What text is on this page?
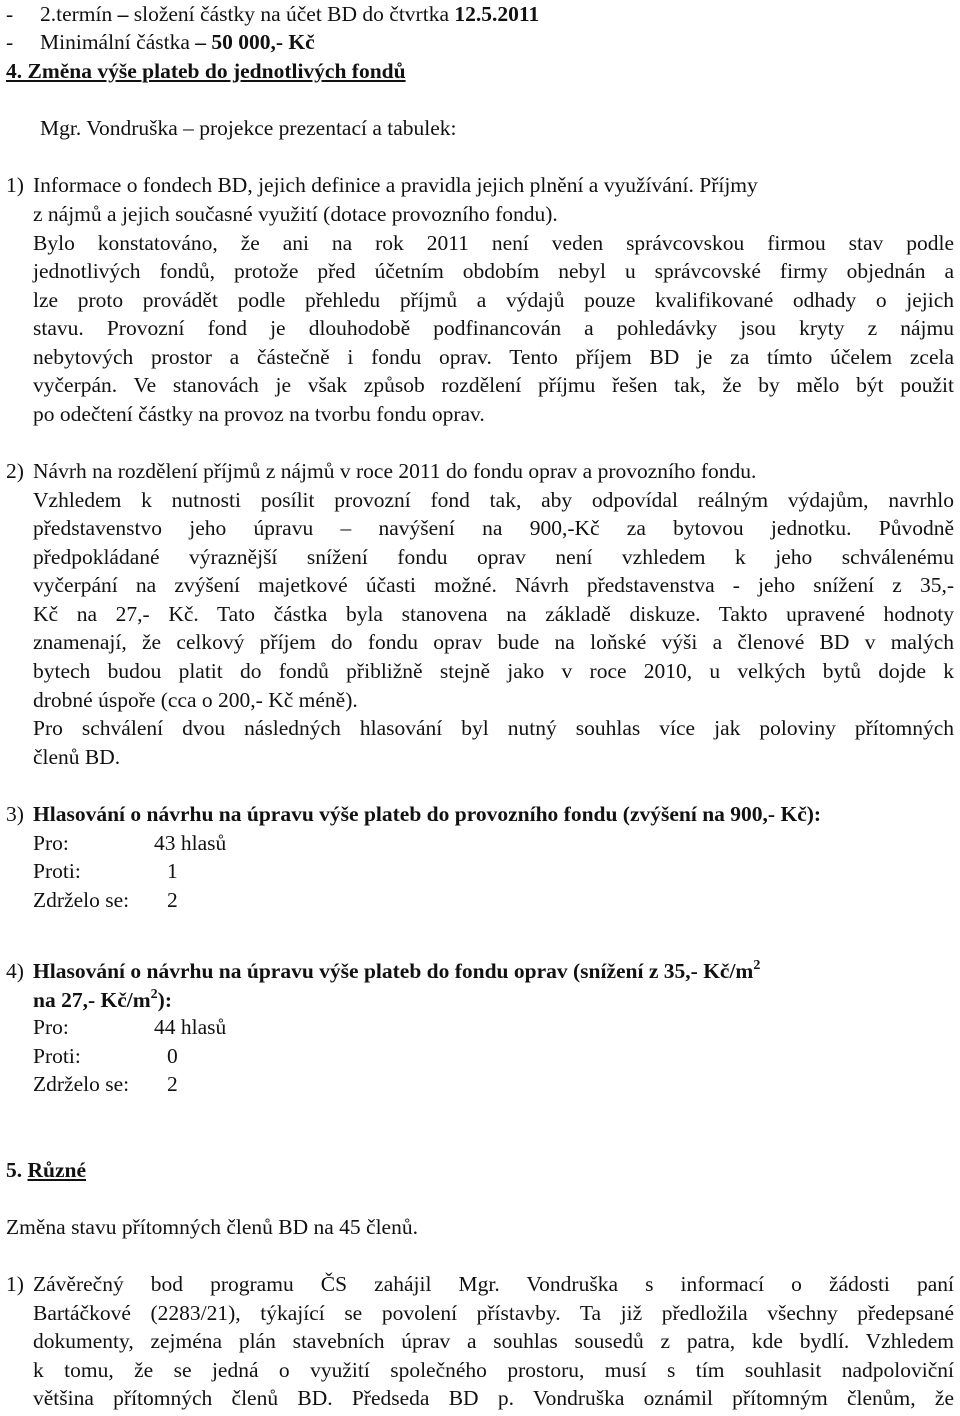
- 2.termín – složení částky na účet BD do čtvrtka 12.5.2011
- Minimální částka – 50 000,- Kč
4. Změna výše plateb do jednotlivých fondů
Mgr. Vondruška – projekce prezentací a tabulek:
1) Informace o fondech BD, jejich definice a pravidla jejich plnění a využívání. Příjmy
z nájmů a jejich současné využití (dotace provozního fondu).
Bylo konstatováno, že ani na rok 2011 není veden správcovskou firmou stav podle
jednotlivých fondů, protože před účetním obdobím nebyl u správcovské firmy objednán a
lze proto provádět podle přehledu příjmů a výdajů pouze kvalifikované odhady o jejich
stavu. Provozní fond je dlouhodobě podfinancován a pohledávky jsou kryty z nájmu
nebytových prostor a částečně i fondu oprav. Tento příjem BD je za tímto účelem zcela
vyčerpán. Ve stanovách je však způsob rozdělení příjmu řešen tak, že by mělo být použit
po odečtení částky na provoz na tvorbu fondu oprav.
2) Návrh na rozdělení příjmů z nájmů v roce 2011 do fondu oprav a provozního fondu.
Vzhledem k nutnosti posílit provozní fond tak, aby odpovídal reálným výdajům, navrhlo
představenstvo jeho úpravu – navýšení na 900,-Kč za bytovou jednotku. Původně
předpokládané výraznější snížení fondu oprav není vzhledem k jeho schválenému
vyčerpání na zvýšení majetkové účasti možné. Návrh představenstva - jeho snížení z 35,-
Kč na 27,- Kč. Tato částka byla stanovena na základě diskuze. Takto upravené hodnoty
znamenají, že celkový příjem do fondu oprav bude na loňské výši a členové BD v malých
bytech budou platit do fondů přibližně stejně jako v roce 2010, u velkých bytů dojde k
drobné úspoře (cca o 200,- Kč méně).
Pro schválení dvou následných hlasování byl nutný souhlas více jak poloviny přítomných
členů BD.
3) Hlasování o návrhu na úpravu výše plateb do provozního fondu (zvýšení na 900,- Kč):
Pro:	43 hlasů
Proti:	1
Zdrželo se: 2
4) Hlasování o návrhu na úpravu výše plateb do fondu oprav (snížení z 35,- $Kč/m^2$
na 27,- $Kč/m^2$):
Pro:	44 hlasů
Proti:	0
Zdrželo se: 2
5. Různé
Změna stavu přítomných členů BD na 45 členů.
1) Závěrečný bod programu ČS zahájil Mgr. Vondruška s informací o žádosti paní
Bartáčkové (2283/21), týkající se povolení přístavby. Ta již předložila všechny předepsané
dokumenty, zejména plán stavebních úprav a souhlas sousedů z patra, kde bydlí. Vzhledem
k tomu, že se jedná o využití společného prostoru, musí s tím souhlasit nadpoloviční
většina přítomných členů BD. Předseda BD p. Vondruška oznámil přítomným členům, že
